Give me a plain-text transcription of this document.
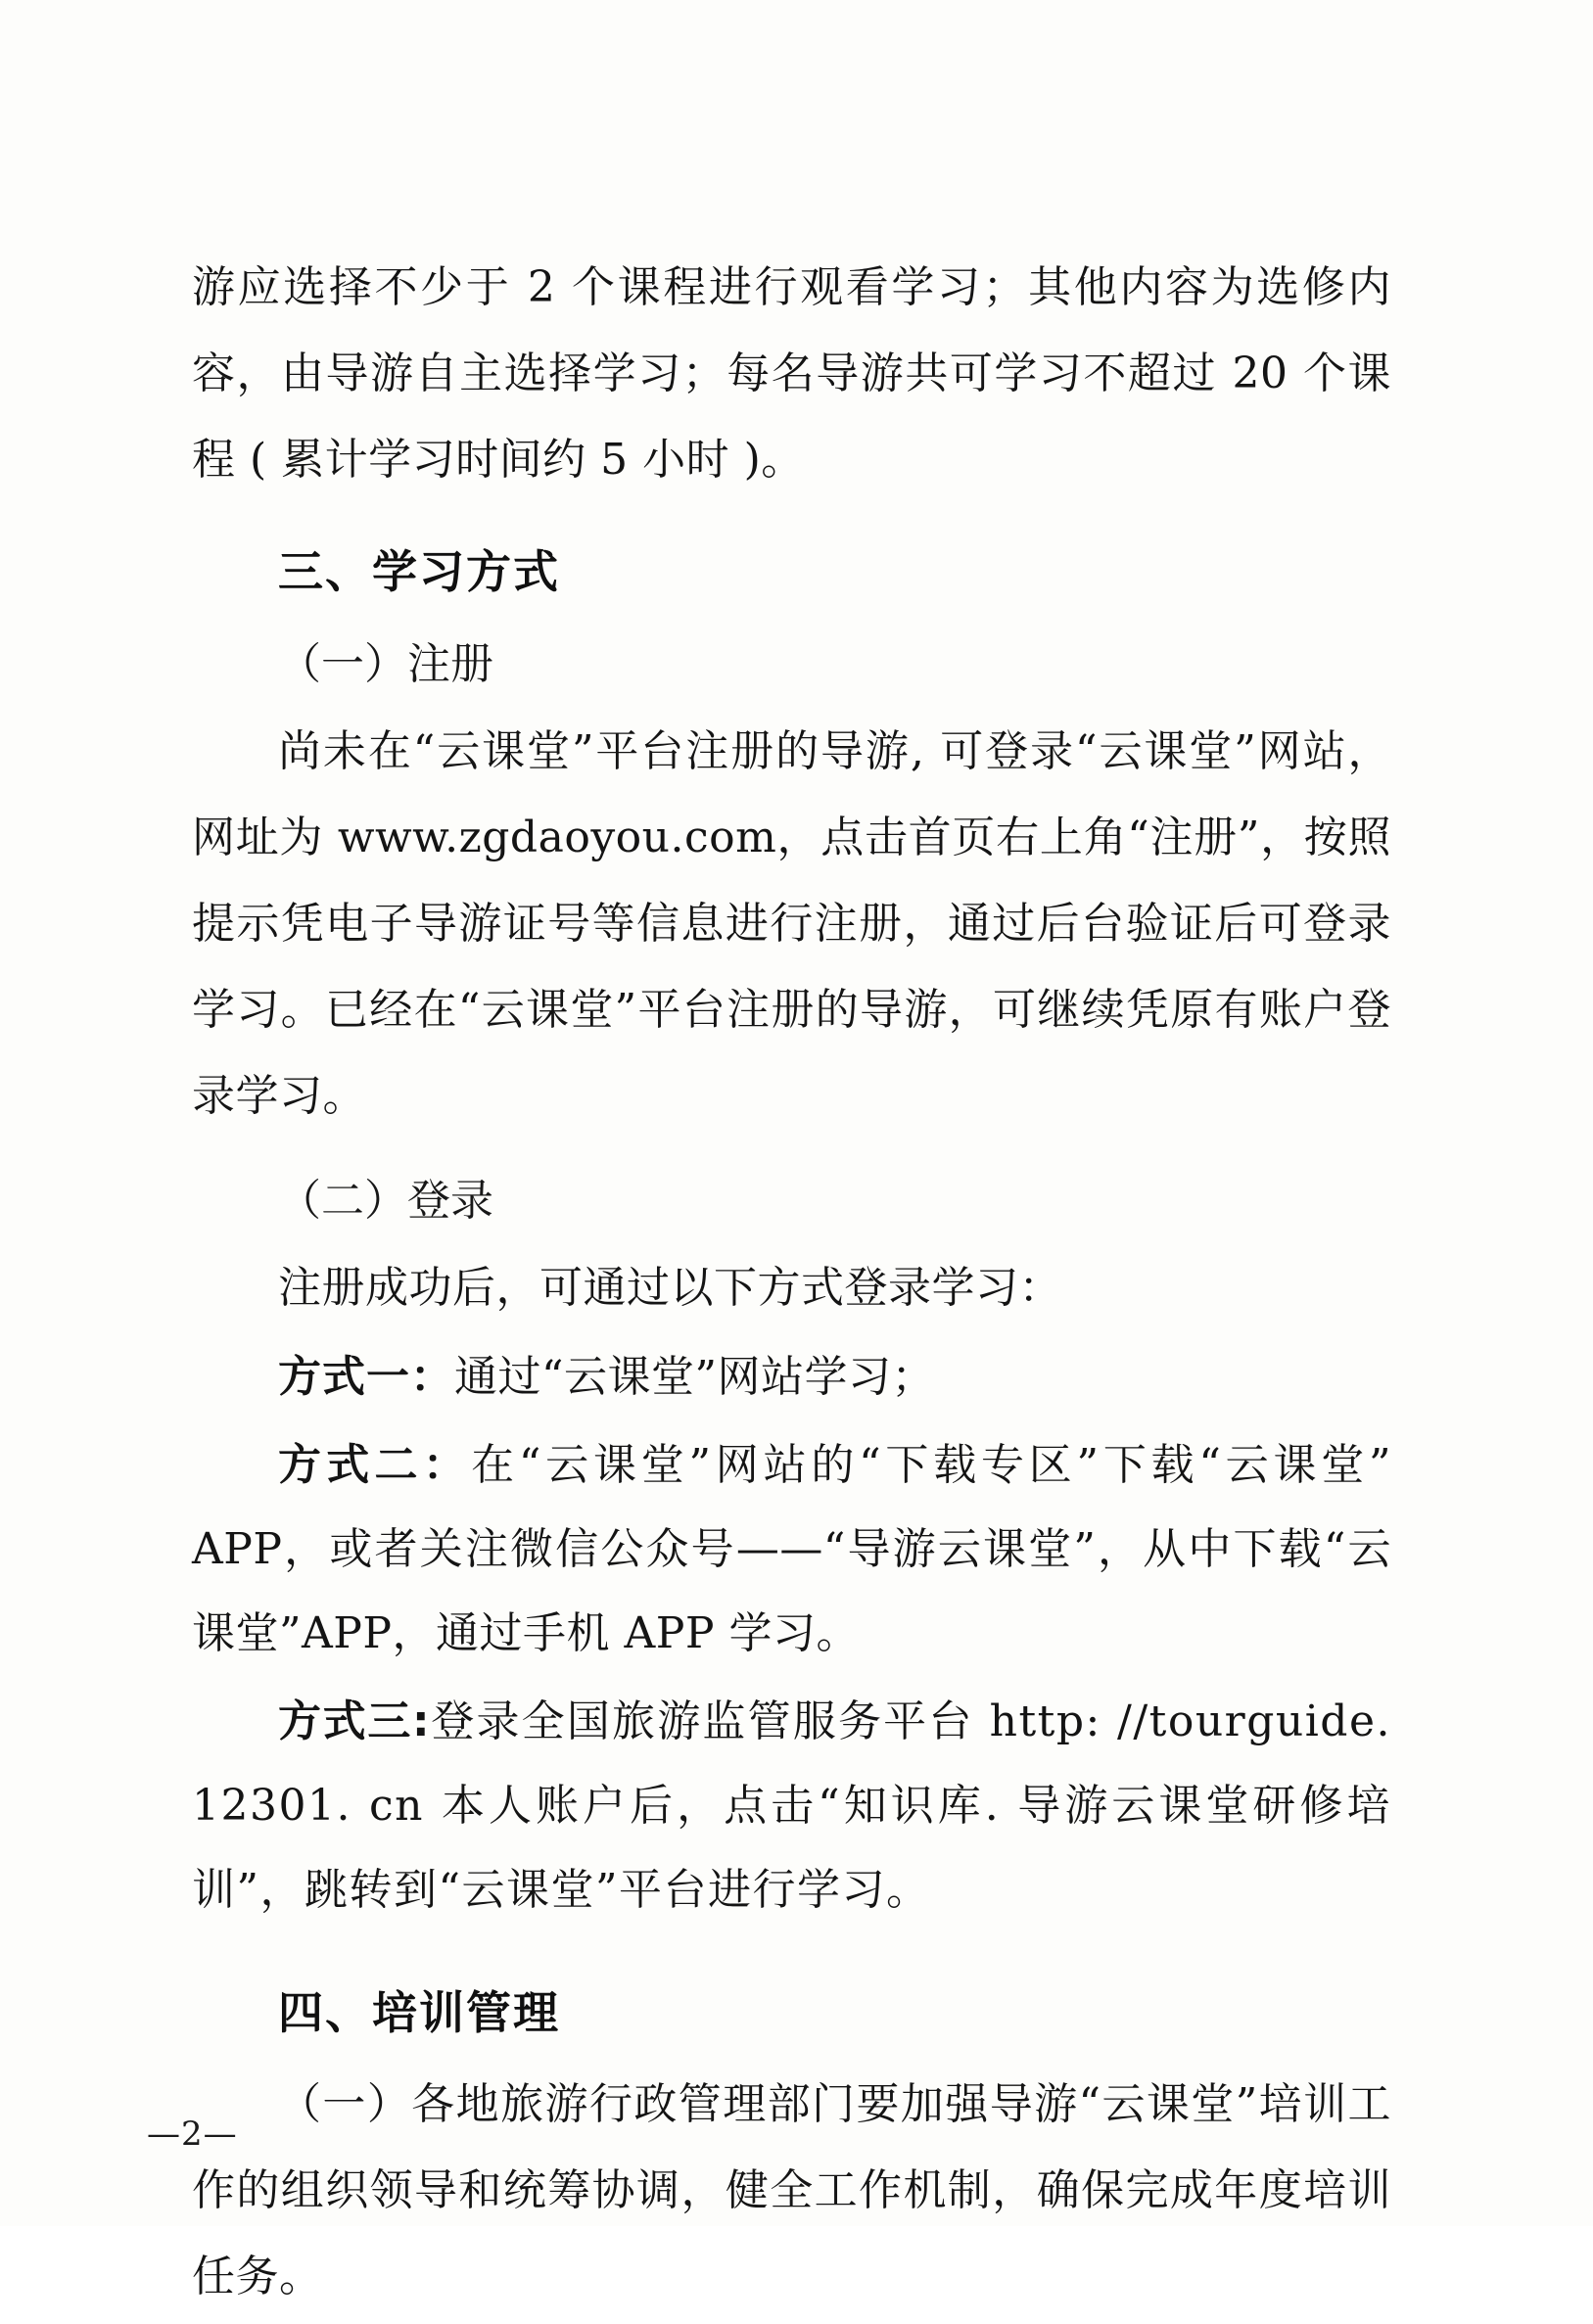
游应选择不少于 2 个课程进行观看学习；其他内容为选修内容，由导游自主选择学习；每名导游共可学习不超过 20 个课程 ( 累计学习时间约 5 小时 )。

三、学习方式

（一）注册

尚未在“云课堂”平台注册的导游, 可登录“云课堂”网站，网址为 www.zgdaoyou.com，点击首页右上角“注册”，按照提示凭电子导游证号等信息进行注册，通过后台验证后可登录学习。已经在“云课堂”平台注册的导游，可继续凭原有账户登录学习。

（二）登录

注册成功后，可通过以下方式登录学习：

方式一：通过“云课堂”网站学习；

方式二：在“云课堂”网站的“下载专区”下载“云课堂”APP，或者关注微信公众号——“导游云课堂”，从中下载“云课堂”APP，通过手机 APP 学习。

方式三:登录全国旅游监管服务平台 http: //tourguide. 12301. cn 本人账户后，点击“知识库. 导游云课堂研修培训”，跳转到“云课堂”平台进行学习。

四、培训管理

（一）各地旅游行政管理部门要加强导游“云课堂”培训工作的组织领导和统筹协调，健全工作机制，确保完成年度培训任务。

—2—
